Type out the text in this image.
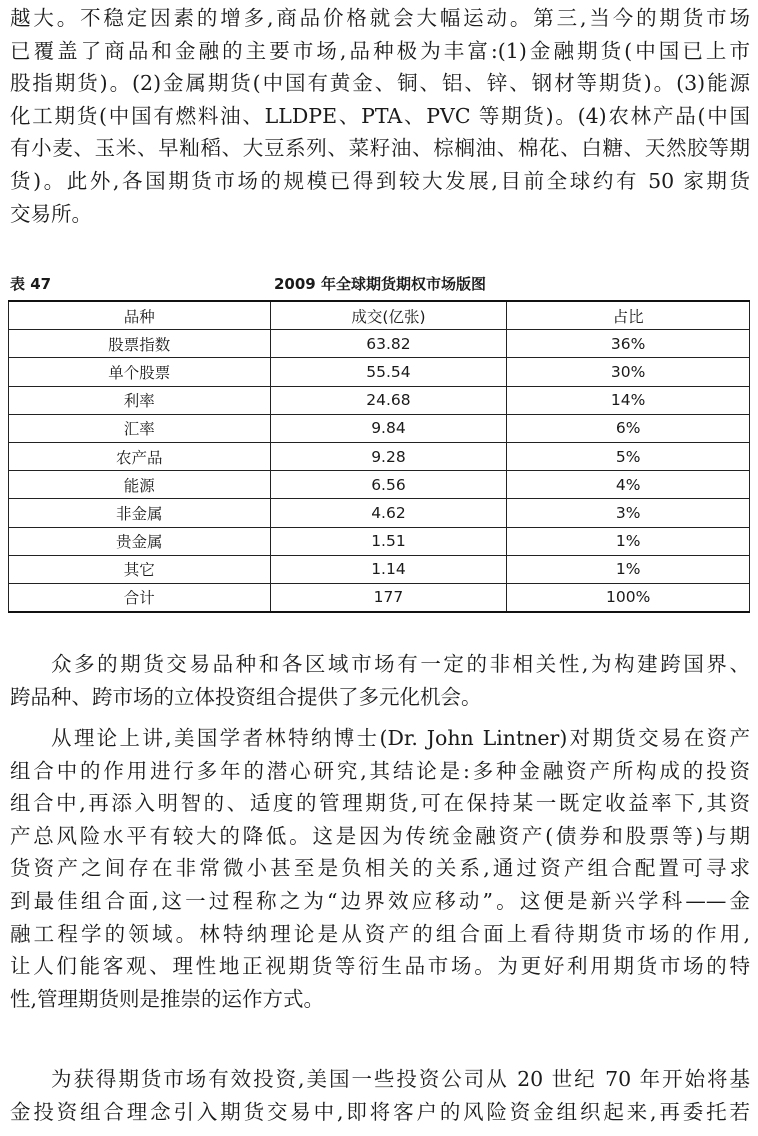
越大。不稳定因素的增多,商品价格就会大幅运动。第三,当今的期货市场
已覆盖了商品和金融的主要市场,品种极为丰富:(1)金融期货(中国已上市
股指期货)。(2)金属期货(中国有黄金、铜、铝、锌、钢材等期货)。(3)能源
化工期货(中国有燃料油、LLDPE、PTA、PVC 等期货)。(4)农林产品(中国
有小麦、玉米、早籼稻、大豆系列、菜籽油、棕榈油、棉花、白糖、天然胶等期
货)。此外,各国期货市场的规模已得到较大发展,目前全球约有 50 家期货
交易所。
表 47	2009 年全球期货期权市场版图
品种	成交(亿张)	占比
股票指数	63.82	36%
单个股票	55.54	30%
利率	24.68	14%
汇率	9.84	6%
农产品	9.28	5%
能源	6.56	4%
非金属	4.62	3%
贵金属	1.51	1%
其它	1.14	1%
合计	177	100%
众多的期货交易品种和各区域市场有一定的非相关性,为构建跨国界、
跨品种、跨市场的立体投资组合提供了多元化机会。
从理论上讲,美国学者林特纳博士(Dr. John Lintner)对期货交易在资产
组合中的作用进行多年的潜心研究,其结论是:多种金融资产所构成的投资
组合中,再添入明智的、适度的管理期货,可在保持某一既定收益率下,其资
产总风险水平有较大的降低。这是因为传统金融资产(债券和股票等)与期
货资产之间存在非常微小甚至是负相关的关系,通过资产组合配置可寻求
到最佳组合面,这一过程称之为“边界效应移动”。这便是新兴学科——金
融工程学的领域。林特纳理论是从资产的组合面上看待期货市场的作用,
让人们能客观、理性地正视期货等衍生品市场。为更好利用期货市场的特
性,管理期货则是推崇的运作方式。
为获得期货市场有效投资,美国一些投资公司从 20 世纪 70 年开始将基
金投资组合理念引入期货交易中,即将客户的风险资金组织起来,再委托若
